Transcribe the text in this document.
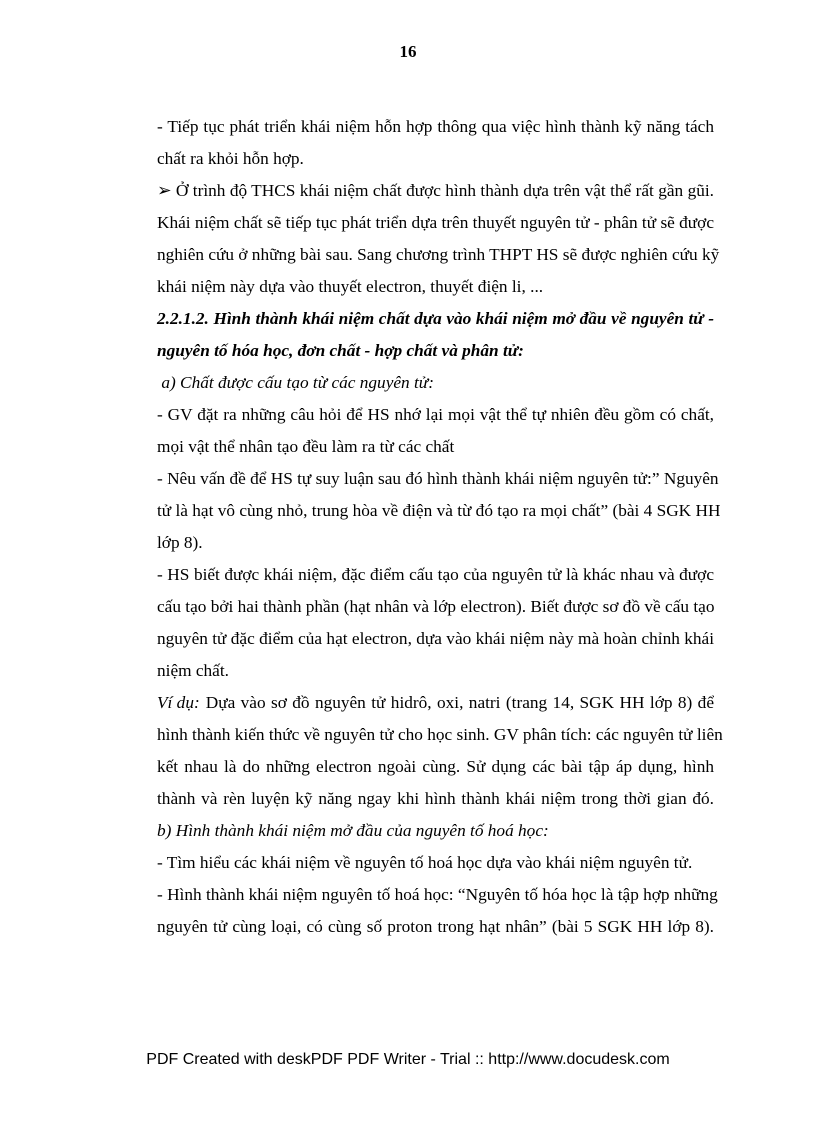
16
- Tiếp tục phát triển khái niệm hỗn hợp thông qua việc hình thành kỹ năng tách
chất ra khỏi hỗn hợp.
➢ Ở trình độ THCS khái niệm chất được hình thành dựa trên vật thể rất gần gũi.
Khái niệm chất sẽ tiếp tục phát triển dựa trên thuyết nguyên tử - phân tử sẽ được
nghiên cứu ở những bài sau. Sang chương trình THPT HS sẽ được nghiên cứu kỹ
khái niệm này dựa vào thuyết electron, thuyết điện li, ...
2.2.1.2. Hình thành khái niệm chất dựa vào khái niệm mở đầu về nguyên tử -
nguyên tố hóa học, đơn chất - hợp chất và phân tử:
a) Chất được cấu tạo từ các nguyên tử:
- GV đặt ra những câu hỏi để HS nhớ lại mọi vật thể tự nhiên đều gồm có chất,
mọi vật thể nhân tạo đều làm ra từ các chất
- Nêu vấn đề để HS tự suy luận sau đó hình thành khái niệm nguyên tử:” Nguyên
tử là hạt vô cùng nhỏ, trung hòa về điện và từ đó tạo ra mọi chất” (bài 4 SGK HH
lớp 8).
- HS biết được khái niệm, đặc điểm cấu tạo của nguyên tử là khác nhau và được
cấu tạo bởi hai thành phần (hạt nhân và lớp electron). Biết được sơ đồ về cấu tạo
nguyên tử đặc điểm của hạt electron, dựa vào khái niệm này mà hoàn chỉnh khái
niệm chất.
Ví dụ: Dựa vào sơ đồ nguyên tử hidrô, oxi, natri (trang 14, SGK HH lớp 8) để
hình thành kiến thức về nguyên tử cho học sinh. GV phân tích: các nguyên tử liên
kết nhau là do những electron ngoài cùng. Sử dụng các bài tập áp dụng, hình
thành và rèn luyện kỹ năng ngay khi hình thành khái niệm trong thời gian đó.
b) Hình thành khái niệm mở đầu của nguyên tố hoá học:
- Tìm hiểu các khái niệm về nguyên tố hoá học dựa vào khái niệm nguyên tử.
- Hình thành khái niệm nguyên tố hoá học: “Nguyên tố hóa học là tập hợp những
nguyên tử cùng loại, có cùng số proton trong hạt nhân” (bài 5 SGK HH lớp 8).
PDF Created with deskPDF PDF Writer - Trial :: http://www.docudesk.com
